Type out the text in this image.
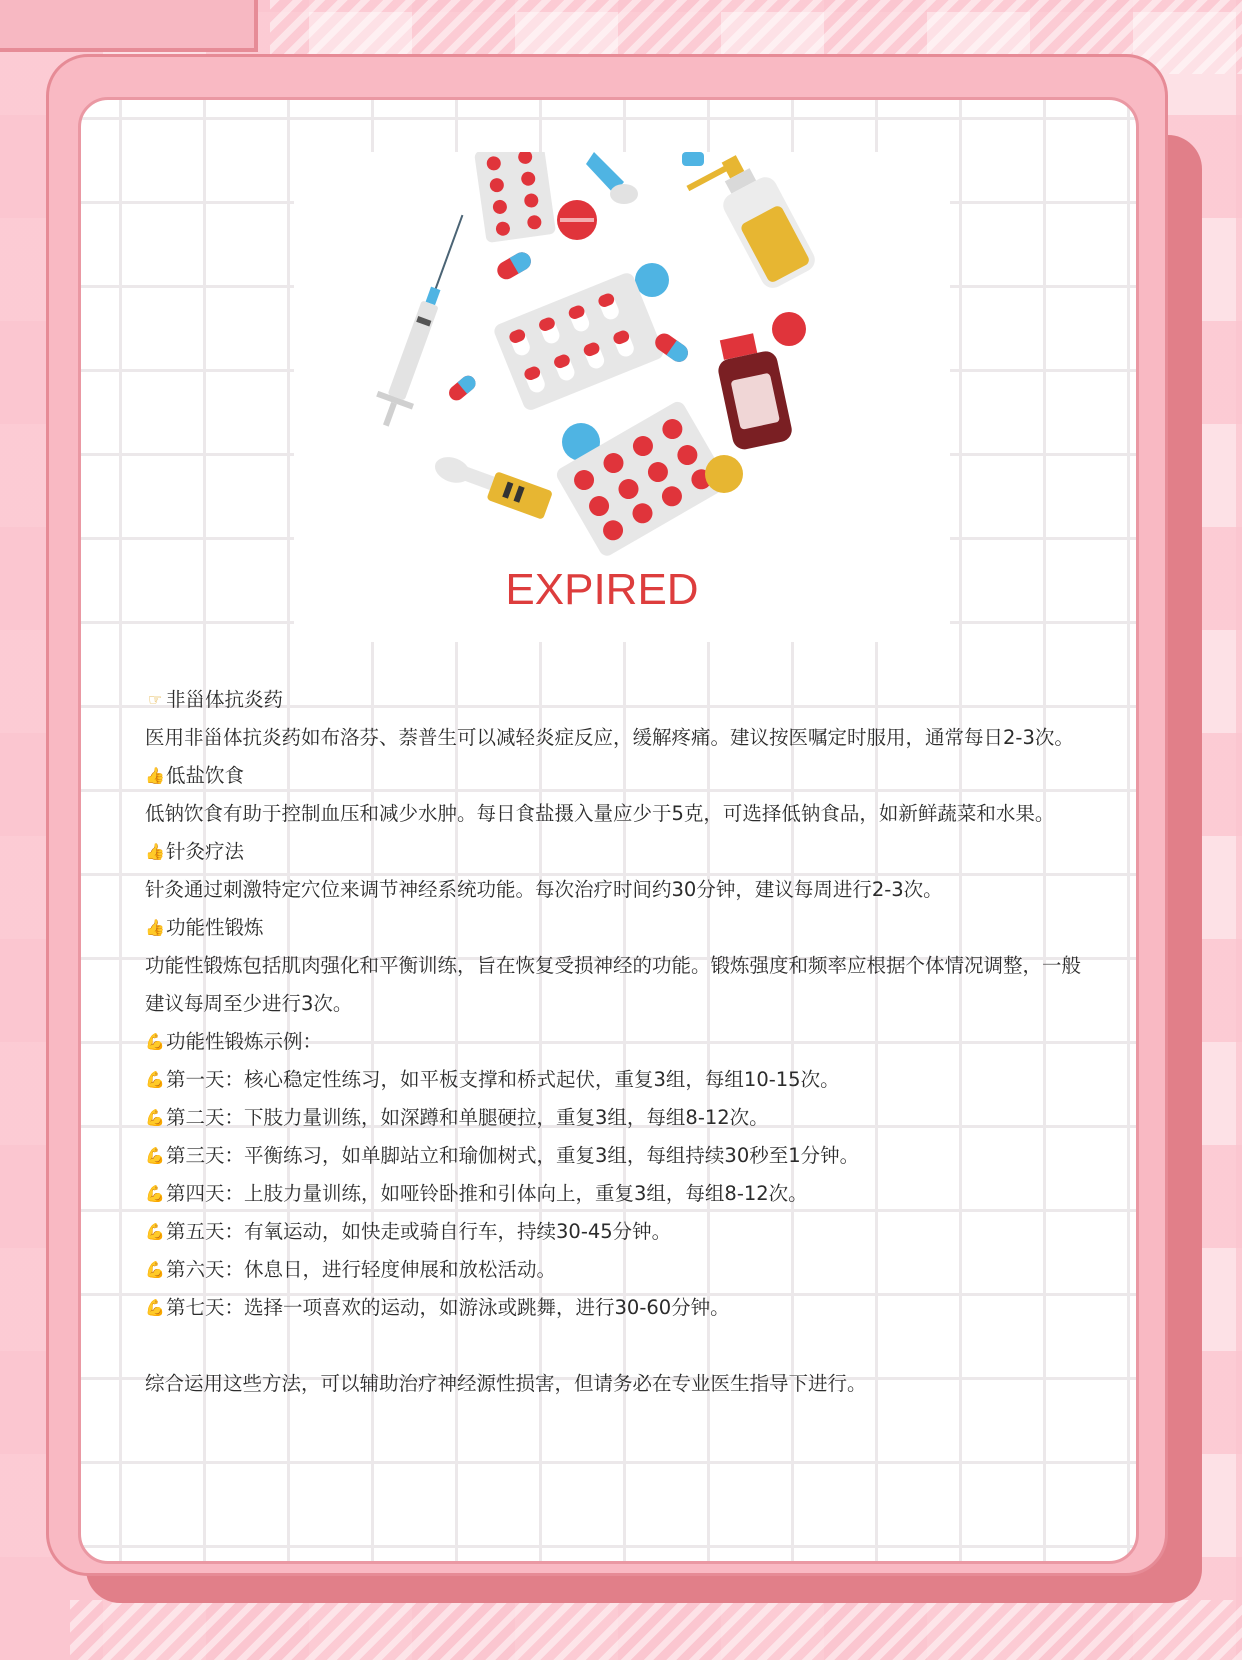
EXPIRED
☞ 非甾体抗炎药
医用非甾体抗炎药如布洛芬、萘普生可以减轻炎症反应，缓解疼痛。建议按医嘱定时服用，通常每日2-3次。
👍 低盐饮食
低钠饮食有助于控制血压和减少水肿。每日食盐摄入量应少于5克，可选择低钠食品，如新鲜蔬菜和水果。
👍 针灸疗法
针灸通过刺激特定穴位来调节神经系统功能。每次治疗时间约30分钟，建议每周进行2-3次。
👍 功能性锻炼
功能性锻炼包括肌肉强化和平衡训练，旨在恢复受损神经的功能。锻炼强度和频率应根据个体情况调整，一般建议每周至少进行3次。
💪 功能性锻炼示例：
💪 第一天：核心稳定性练习，如平板支撑和桥式起伏，重复3组，每组10-15次。
💪 第二天：下肢力量训练，如深蹲和单腿硬拉，重复3组，每组8-12次。
💪 第三天：平衡练习，如单脚站立和瑜伽树式，重复3组，每组持续30秒至1分钟。
💪 第四天：上肢力量训练，如哑铃卧推和引体向上，重复3组，每组8-12次。
💪 第五天：有氧运动，如快走或骑自行车，持续30-45分钟。
💪 第六天：休息日，进行轻度伸展和放松活动。
💪 第七天：选择一项喜欢的运动，如游泳或跳舞，进行30-60分钟。
综合运用这些方法，可以辅助治疗神经源性损害，但请务必在专业医生指导下进行。
